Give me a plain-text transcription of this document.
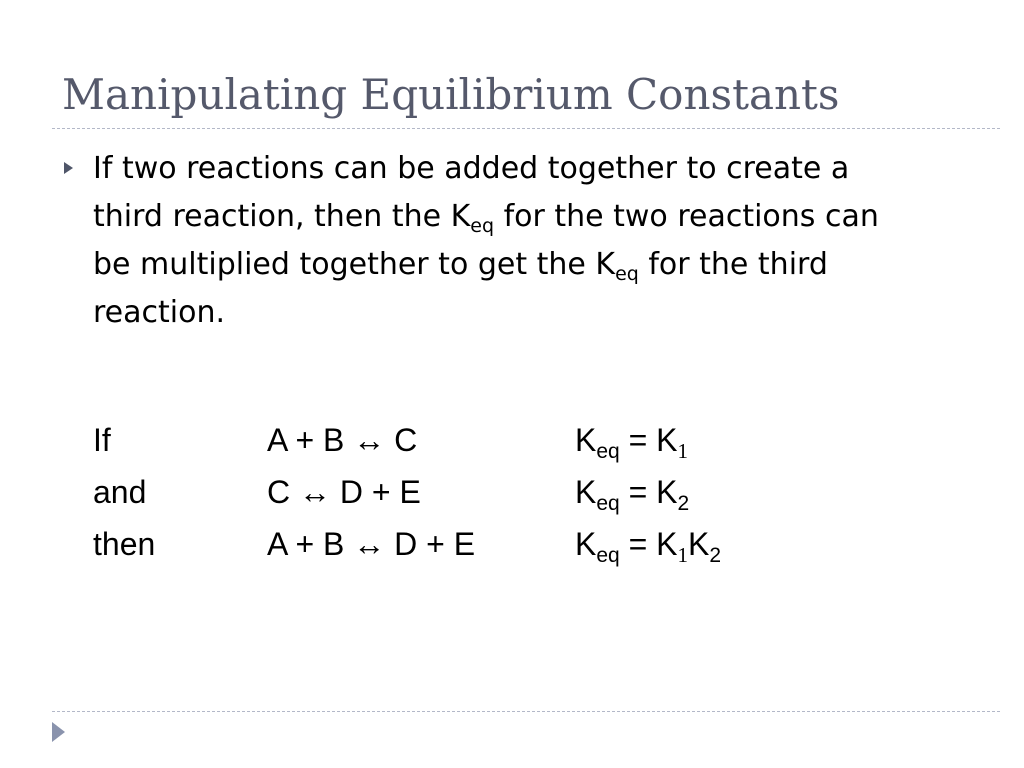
Manipulating Equilibrium Constants
If two reactions can be added together to create a
third reaction, then the $K_{eq}$ for the two reactions can
be multiplied together to get the $K_{eq}$ for the third
reaction.
If	A + B ↔ C	$K_{eq} = K_1$
and	C ↔ D + E	$K_{eq} = K_2$
then	A + B ↔ D + E	$K_{eq} = K_1K_2$
